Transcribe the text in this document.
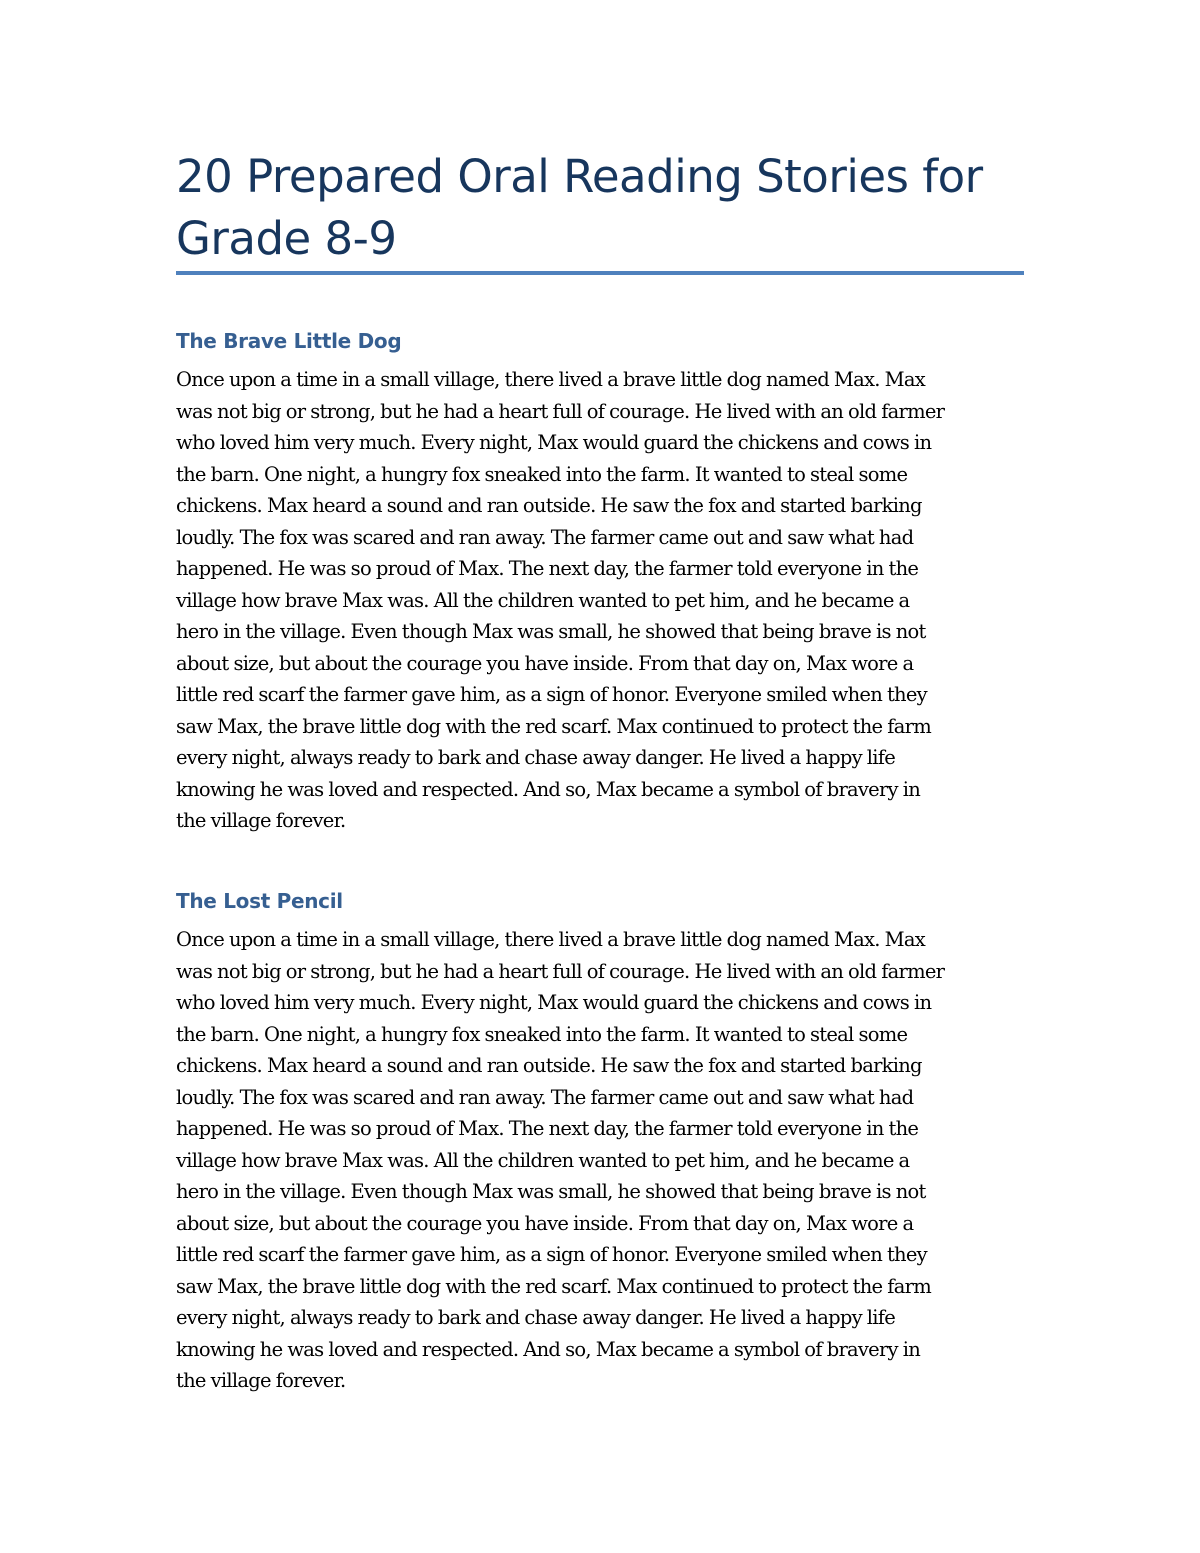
20 Prepared Oral Reading Stories for
Grade 8-9
The Brave Little Dog
Once upon a time in a small village, there lived a brave little dog named Max. Max
was not big or strong, but he had a heart full of courage. He lived with an old farmer
who loved him very much. Every night, Max would guard the chickens and cows in
the barn. One night, a hungry fox sneaked into the farm. It wanted to steal some
chickens. Max heard a sound and ran outside. He saw the fox and started barking
loudly. The fox was scared and ran away. The farmer came out and saw what had
happened. He was so proud of Max. The next day, the farmer told everyone in the
village how brave Max was. All the children wanted to pet him, and he became a
hero in the village. Even though Max was small, he showed that being brave is not
about size, but about the courage you have inside. From that day on, Max wore a
little red scarf the farmer gave him, as a sign of honor. Everyone smiled when they
saw Max, the brave little dog with the red scarf. Max continued to protect the farm
every night, always ready to bark and chase away danger. He lived a happy life
knowing he was loved and respected. And so, Max became a symbol of bravery in
the village forever.
The Lost Pencil
Once upon a time in a small village, there lived a brave little dog named Max. Max
was not big or strong, but he had a heart full of courage. He lived with an old farmer
who loved him very much. Every night, Max would guard the chickens and cows in
the barn. One night, a hungry fox sneaked into the farm. It wanted to steal some
chickens. Max heard a sound and ran outside. He saw the fox and started barking
loudly. The fox was scared and ran away. The farmer came out and saw what had
happened. He was so proud of Max. The next day, the farmer told everyone in the
village how brave Max was. All the children wanted to pet him, and he became a
hero in the village. Even though Max was small, he showed that being brave is not
about size, but about the courage you have inside. From that day on, Max wore a
little red scarf the farmer gave him, as a sign of honor. Everyone smiled when they
saw Max, the brave little dog with the red scarf. Max continued to protect the farm
every night, always ready to bark and chase away danger. He lived a happy life
knowing he was loved and respected. And so, Max became a symbol of bravery in
the village forever.
